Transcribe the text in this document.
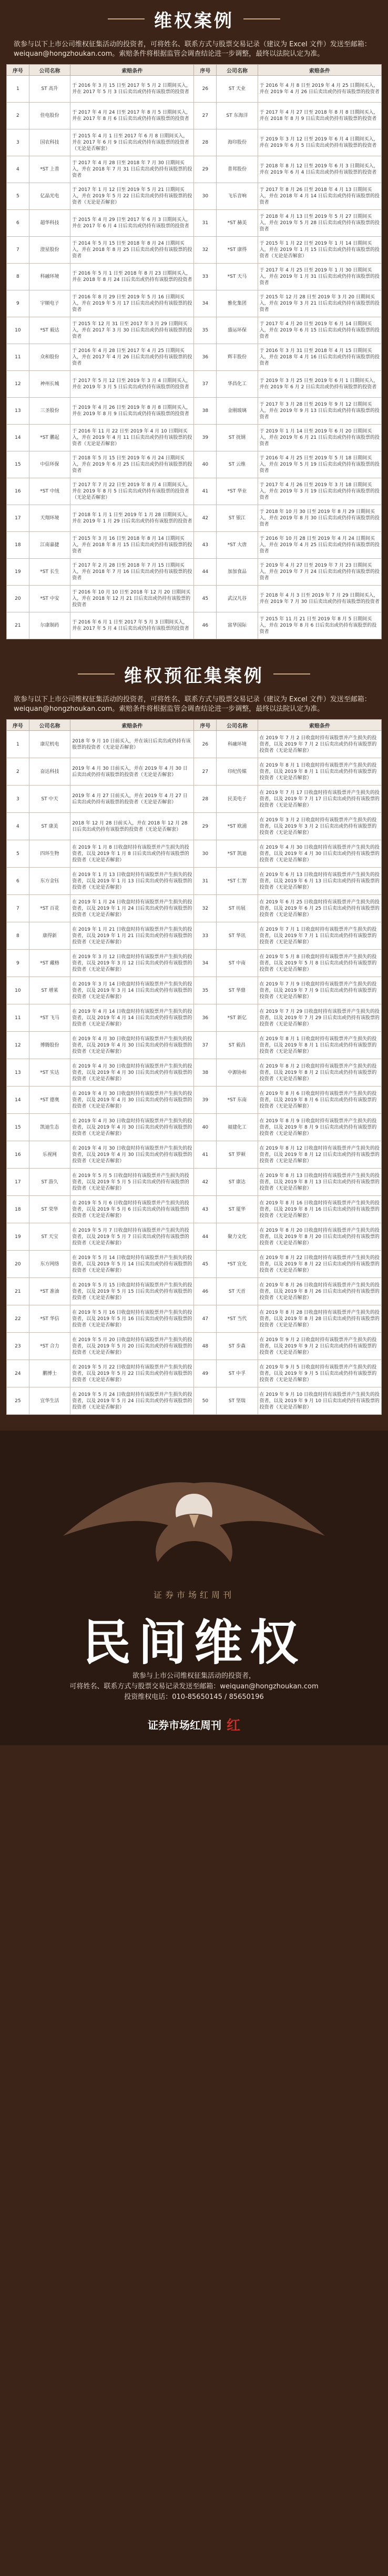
维权案例
欲参与以下上市公司维权征集活动的投资者，可将姓名、联系方式与股票交易记录（建议为 Excel 文件）发送至邮箱：weiquan@hongzhoukan.com。索赔条件将根据监管会调查结论进一步调整，最终以法院认定为准。
序号	公司名称	索赔条件	序号	公司名称	索赔条件
1	ST 高升	于 2016 年 3 月 15 日至 2017 年 5 月 2 日期间买入，并在 2017 年 5 月 3 日后卖出或仍持有该股票的投资者	26	ST 天业	于 2016 年 4 月 8 日至 2019 年 4 月 25 日期间买入，并在 2019 年 4 月 26 日后卖出或仍持有该股票的投资者
2	佳电股份	于 2017 年 4 月 24 日至 2017 年 8 月 5 日期间买入，并在 2017 年 8 月 6 日后卖出或仍持有该股票的投资者	27	ST 东海洋	于 2017 年 4 月 27 日至 2018 年 8 月 8 日期间买入，并在 2018 年 8 月 9 日后卖出或仍持有该股票的投资者
3	国农科技	于 2015 年 4 月 1 日至 2017 年 6 月 8 日期间买入，并在 2017 年 6 月 9 日后卖出或仍持有该股票的投资者（无论是否解套）	28	海印股份	于 2019 年 3 月 12 日至 2019 年 6 月 4 日期间买入，并在 2019 年 6 月 5 日后卖出或仍持有该股票的投资者
4	*ST 上普	于 2017 年 4 月 28 日至 2018 年 7 月 30 日期间买入，并在 2018 年 7 月 31 日后卖出或仍持有该股票的投资者	29	普邦股份	于 2018 年 8 月 12 日至 2019 年 6 月 3 日期间买入，并在 2019 年 6 月 4 日后卖出或仍持有该股票的投资者
5	亿晶光电	于 2017 年 1 月 12 日至 2019 年 5 月 21 日期间买入，并在 2019 年 5 月 22 日后卖出或仍持有该股票的投资者（无论是否解套）	30	飞乐音响	于 2017 年 8 月 26 日至 2018 年 4 月 13 日期间买入，并在 2018 年 4 月 14 日后卖出或仍持有该股票的投资者
6	超华科技	于 2015 年 4 月 29 日至 2017 年 6 月 3 日期间买入，并在 2017 年 6 月 4 日后卖出或仍持有该股票的投资者	31	*ST 赫美	于 2018 年 4 月 13 日至 2019 年 5 月 27 日期间买入，并在 2019 年 5 月 28 日后卖出或仍持有该股票的投资者
7	澄星股份	于 2014 年 5 月 15 日至 2018 年 8 月 24 日期间买入，并在 2018 年 8 月 25 日后卖出或仍持有该股票的投资者	32	*ST 康得	于 2015 年 1 月 22 日至 2019 年 1 月 14 日期间买入，并在 2019 年 1 月 15 日后卖出或仍持有该股票的投资者（无论是否解套）
8	科融环境	于 2016 年 5 月 1 日至 2018 年 8 月 23 日期间买入，并在 2018 年 8 月 24 日后卖出或仍持有该股票的投资者	33	*ST 天马	于 2017 年 4 月 25 日至 2019 年 1 月 30 日期间买入，并在 2019 年 1 月 31 日后卖出或仍持有该股票的投资者
9	宇顺电子	于 2016 年 8 月 29 日至 2019 年 5 月 16 日期间买入，并在 2019 年 5 月 17 日后卖出或仍持有该股票的投资者	34	雅化集团	于 2015 年 12 月 28 日至 2019 年 3 月 20 日期间买入，并在 2019 年 3 月 21 日后卖出或仍持有该股票的投资者
10	*ST 毅达	于 2015 年 12 月 31 日至 2017 年 3 月 29 日期间买入，并在 2017 年 3 月 30 日后卖出或仍持有该股票的投资者	35	盛运环保	于 2017 年 4 月 20 日至 2019 年 6 月 14 日期间买入，并在 2019 年 6 月 15 日后卖出或仍持有该股票的投资者
11	众和股份	于 2016 年 4 月 28 日至 2017 年 4 月 25 日期间买入，并在 2017 年 4 月 26 日后卖出或仍持有该股票的投资者	36	辉丰股份	于 2016 年 3 月 31 日至 2018 年 4 月 15 日期间买入，并在 2018 年 4 月 16 日后卖出或仍持有该股票的投资者
12	神州长城	于 2017 年 5 月 12 日至 2019 年 3 月 4 日期间买入，并在 2019 年 3 月 5 日后卖出或仍持有该股票的投资者	37	华昌化工	于 2019 年 3 月 25 日至 2019 年 6 月 1 日期间买入，并在 2019 年 6 月 2 日后卖出或仍持有该股票的投资者
13	三圣股份	于 2019 年 4 月 26 日至 2019 年 8 月 8 日期间买入，并在 2019 年 8 月 9 日后卖出或仍持有该股票的投资者	38	金刚玻璃	于 2017 年 3 月 28 日至 2019 年 9 月 12 日期间买入，并在 2019 年 9 月 13 日后卖出或仍持有该股票的投资者
14	*ST 鹏起	于 2016 年 11 月 22 日至 2019 年 4 月 10 日期间买入，并在 2019 年 4 月 11 日后卖出或仍持有该股票的投资者（无论是否解套）	39	ST 抚钢	于 2019 年 1 月 14 日至 2019 年 6 月 20 日期间买入，并在 2019 年 6 月 21 日后卖出或仍持有该股票的投资者
15	中信环保	于 2018 年 5 月 15 日至 2019 年 6 月 24 日期间买入，并在 2019 年 6 月 25 日后卖出或仍持有该股票的投资者	40	ST 云维	于 2016 年 4 月 25 日至 2019 年 5 月 18 日期间买入，并在 2019 年 5 月 19 日后卖出或仍持有该股票的投资者
16	*ST 中绒	于 2017 年 7 月 22 日至 2019 年 8 月 4 日期间买入，并在 2019 年 8 月 5 日后卖出或仍持有该股票的投资者（无论是否解套）	41	*ST 华业	于 2017 年 4 月 26 日至 2019 年 3 月 18 日期间买入，并在 2019 年 3 月 19 日后卖出或仍持有该股票的投资者
17	天翔环境	于 2018 年 1 月 1 日至 2019 年 1 月 28 日期间买入，并在 2019 年 1 月 29 日后卖出或仍持有该股票的投资者	42	ST 银江	于 2018 年 10 月 30 日至 2019 年 8 月 29 日期间买入，并在 2019 年 8 月 30 日后卖出或仍持有该股票的投资者
18	江南嘉捷	于 2015 年 3 月 16 日至 2018 年 8 月 14 日期间买入，并在 2018 年 8 月 15 日后卖出或仍持有该股票的投资者	43	*ST 大唐	于 2016 年 10 月 28 日至 2019 年 4 月 24 日期间买入，并在 2019 年 4 月 25 日后卖出或仍持有该股票的投资者
19	*ST 长生	于 2017 年 2 月 28 日至 2018 年 7 月 15 日期间买入，并在 2018 年 7 月 16 日后卖出或仍持有该股票的投资者	44	加加食品	于 2019 年 4 月 27 日至 2019 年 7 月 23 日期间买入，并在 2019 年 7 月 24 日后卖出或仍持有该股票的投资者
20	*ST 中安	于 2016 年 10 月 10 日至 2018 年 12 月 20 日期间买入，并在 2018 年 12 月 21 日后卖出或仍持有该股票的投资者	45	武汉凡谷	于 2018 年 4 月 3 日至 2019 年 7 月 29 日期间买入，并在 2019 年 7 月 30 日后卖出或仍持有该股票的投资者
21	尔康制药	于 2016 年 6 月 1 日至 2017 年 5 月 3 日期间买入，并在 2017 年 5 月 4 日后卖出或仍持有该股票的投资者	46	富华国际	于 2015 年 11 月 21 日至 2019 年 8 月 5 日期间买入，并在 2019 年 8 月 6 日后卖出或仍持有该股票的投资者
维权预征集案例
欲参与以下上市公司维权征集活动的投资者，可将姓名、联系方式与股票交易记录（建议为 Excel 文件）发送至邮箱：weiquan@hongzhoukan.com。索赔条件将根据监管会调查结论进一步调整，最终以法院认定为准。
序号	公司名称	索赔条件	序号	公司名称	索赔条件
1	康尼机电	2018 年 9 月 10 日前买入，并在该日后卖出或仍持有该股票的投资者（无论是否解套）	26	科融环境	在 2019 年 7 月 2 日收盘时持有该股票并产生损失的投资者，以及 2019 年 7 月 2 日后卖出或仍持有该股票的投资者（无论是否解套）
2	奋达科技	2019 年 4 月 30 日前买入，并在 2019 年 4 月 30 日后卖出或仍持有该股票的投资者（无论是否解套）	27	印纪传媒	在 2019 年 8 月 1 日收盘时持有该股票并产生损失的投资者，以及 2019 年 8 月 1 日后卖出或仍持有该股票的投资者（无论是否解套）
3	ST 中天	2019 年 4 月 27 日前买入，并在 2019 年 4 月 27 日后卖出或仍持有该股票的投资者（无论是否解套）	28	民美电子	在 2019 年 7 月 17 日收盘时持有该股票并产生损失的投资者，以及 2019 年 7 月 17 日后卖出或仍持有该股票的投资者（无论是否解套）
4	ST 康美	2018 年 12 月 28 日前买入，并在 2018 年 12 月 28 日后卖出或仍持有该股票的投资者（无论是否解套）	29	*ST 欧浦	在 2019 年 3 月 2 日收盘时持有该股票并产生损失的投资者，以及 2019 年 3 月 2 日后卖出或仍持有该股票的投资者（无论是否解套）
5	四环生物	在 2019 年 1 月 8 日收盘时持有该股票并产生损失的投资者，以及 2019 年 1 月 8 日后卖出或仍持有该股票的投资者（无论是否解套）	30	*ST 凯迪	在 2019 年 4 月 30 日收盘时持有该股票并产生损失的投资者，以及 2019 年 4 月 30 日后卖出或仍持有该股票的投资者（无论是否解套）
6	东方金钰	在 2019 年 1 月 13 日收盘时持有该股票并产生损失的投资者，以及 2019 年 1 月 13 日后卖出或仍持有该股票的投资者（无论是否解套）	31	*ST 仁智	在 2019 年 6 月 13 日收盘时持有该股票并产生损失的投资者，以及 2019 年 6 月 13 日后卖出或仍持有该股票的投资者（无论是否解套）
7	*ST 百花	在 2019 年 1 月 24 日收盘时持有该股票并产生损失的投资者，以及 2019 年 1 月 24 日后卖出或仍持有该股票的投资者（无论是否解套）	32	ST 坊展	在 2019 年 6 月 25 日收盘时持有该股票并产生损失的投资者，以及 2019 年 6 月 25 日后卖出或仍持有该股票的投资者（无论是否解套）
8	康得新	在 2019 年 1 月 21 日收盘时持有该股票并产生损失的投资者，以及 2019 年 1 月 21 日后卖出或仍持有该股票的投资者（无论是否解套）	33	ST 华讯	在 2019 年 7 月 1 日收盘时持有该股票并产生损失的投资者，以及 2019 年 7 月 1 日后卖出或仍持有该股票的投资者（无论是否解套）
9	*ST 藏格	在 2019 年 3 月 12 日收盘时持有该股票并产生损失的投资者，以及 2019 年 3 月 12 日后卖出或仍持有该股票的投资者（无论是否解套）	34	ST 中南	在 2019 年 5 月 8 日收盘时持有该股票并产生损失的投资者，以及 2019 年 5 月 8 日后卖出或仍持有该股票的投资者（无论是否解套）
10	ST 增莱	在 2019 年 3 月 14 日收盘时持有该股票并产生损失的投资者，以及 2019 年 3 月 14 日后卖出或仍持有该股票的投资者（无论是否解套）	35	ST 华鼎	在 2019 年 7 月 9 日收盘时持有该股票并产生损失的投资者，以及 2019 年 7 月 9 日后卖出或仍持有该股票的投资者（无论是否解套）
11	*ST 飞马	在 2019 年 4 月 14 日收盘时持有该股票并产生损失的投资者，以及 2019 年 4 月 14 日后卖出或仍持有该股票的投资者（无论是否解套）	36	*ST 新亿	在 2019 年 7 月 29 日收盘时持有该股票并产生损失的投资者，以及 2019 年 7 月 29 日后卖出或仍持有该股票的投资者（无论是否解套）
12	博腾股份	在 2019 年 4 月 30 日收盘时持有该股票并产生损失的投资者，以及 2019 年 4 月 30 日后卖出或仍持有该股票的投资者（无论是否解套）	37	ST 毅昌	在 2019 年 8 月 1 日收盘时持有该股票并产生损失的投资者，以及 2019 年 8 月 1 日后卖出或仍持有该股票的投资者（无论是否解套）
13	*ST 实达	在 2019 年 4 月 30 日收盘时持有该股票并产生损失的投资者，以及 2019 年 4 月 30 日后卖出或仍持有该股票的投资者（无论是否解套）	38	中源协和	在 2019 年 8 月 2 日收盘时持有该股票并产生损失的投资者，以及 2019 年 8 月 2 日后卖出或仍持有该股票的投资者（无论是否解套）
14	*ST 德奥	在 2019 年 4 月 30 日收盘时持有该股票并产生损失的投资者，以及 2019 年 4 月 30 日后卖出或仍持有该股票的投资者（无论是否解套）	39	*ST 东南	在 2019 年 8 月 6 日收盘时持有该股票并产生损失的投资者，以及 2019 年 8 月 6 日后卖出或仍持有该股票的投资者（无论是否解套）
15	凯迪生态	在 2019 年 4 月 30 日收盘时持有该股票并产生损失的投资者，以及 2019 年 4 月 30 日后卖出或仍持有该股票的投资者（无论是否解套）	40	福建化工	在 2019 年 8 月 9 日收盘时持有该股票并产生损失的投资者，以及 2019 年 8 月 9 日后卖出或仍持有该股票的投资者（无论是否解套）
16	乐视网	在 2019 年 4 月 30 日收盘时持有该股票并产生损失的投资者，以及 2019 年 4 月 30 日后卖出或仍持有该股票的投资者（无论是否解套）	41	ST 罗顿	在 2019 年 8 月 12 日收盘时持有该股票并产生损失的投资者，以及 2019 年 8 月 12 日后卖出或仍持有该股票的投资者（无论是否解套）
17	ST 游久	在 2019 年 5 月 5 日收盘时持有该股票并产生损失的投资者，以及 2019 年 5 月 5 日后卖出或仍持有该股票的投资者（无论是否解套）	42	ST 康达	在 2019 年 8 月 13 日收盘时持有该股票并产生损失的投资者，以及 2019 年 8 月 13 日后卖出或仍持有该股票的投资者（无论是否解套）
18	ST 荣华	在 2019 年 5 月 6 日收盘时持有该股票并产生损失的投资者，以及 2019 年 5 月 6 日后卖出或仍持有该股票的投资者（无论是否解套）	43	ST 厦华	在 2019 年 8 月 16 日收盘时持有该股票并产生损失的投资者，以及 2019 年 8 月 16 日后卖出或仍持有该股票的投资者（无论是否解套）
19	ST 天宝	在 2019 年 5 月 7 日收盘时持有该股票并产生损失的投资者，以及 2019 年 5 月 7 日后卖出或仍持有该股票的投资者（无论是否解套）	44	聚力文化	在 2019 年 8 月 20 日收盘时持有该股票并产生损失的投资者，以及 2019 年 8 月 20 日后卖出或仍持有该股票的投资者（无论是否解套）
20	东方网络	在 2019 年 5 月 14 日收盘时持有该股票并产生损失的投资者，以及 2019 年 5 月 14 日后卖出或仍持有该股票的投资者（无论是否解套）	45	*ST 宜化	在 2019 年 8 月 22 日收盘时持有该股票并产生损失的投资者，以及 2019 年 8 月 22 日后卖出或仍持有该股票的投资者（无论是否解套）
21	*ST 准油	在 2019 年 5 月 15 日收盘时持有该股票并产生损失的投资者，以及 2019 年 5 月 15 日后卖出或仍持有该股票的投资者（无论是否解套）	46	ST 天首	在 2019 年 8 月 26 日收盘时持有该股票并产生损失的投资者，以及 2019 年 8 月 26 日后卖出或仍持有该股票的投资者（无论是否解套）
22	*ST 华信	在 2019 年 5 月 16 日收盘时持有该股票并产生损失的投资者，以及 2019 年 5 月 16 日后卖出或仍持有该股票的投资者（无论是否解套）	47	*ST 当代	在 2019 年 8 月 28 日收盘时持有该股票并产生损失的投资者，以及 2019 年 8 月 28 日后卖出或仍持有该股票的投资者（无论是否解套）
23	*ST 合力	在 2019 年 5 月 20 日收盘时持有该股票并产生损失的投资者，以及 2019 年 5 月 20 日后卖出或仍持有该股票的投资者（无论是否解套）	48	ST 步森	在 2019 年 9 月 2 日收盘时持有该股票并产生损失的投资者，以及 2019 年 9 月 2 日后卖出或仍持有该股票的投资者（无论是否解套）
24	鹏博士	在 2019 年 5 月 22 日收盘时持有该股票并产生损失的投资者，以及 2019 年 5 月 22 日后卖出或仍持有该股票的投资者（无论是否解套）	49	ST 中孚	在 2019 年 9 月 5 日收盘时持有该股票并产生损失的投资者，以及 2019 年 9 月 5 日后卖出或仍持有该股票的投资者（无论是否解套）
25	宜华生活	在 2019 年 5 月 24 日收盘时持有该股票并产生损失的投资者，以及 2019 年 5 月 24 日后卖出或仍持有该股票的投资者（无论是否解套）	50	ST 坚瑞	在 2019 年 9 月 10 日收盘时持有该股票并产生损失的投资者，以及 2019 年 9 月 10 日后卖出或仍持有该股票的投资者（无论是否解套）
证券市场红周刊
民间维权
欲参与上市公司维权征集活动的投资者，
可将姓名、联系方式与股票交易记录发送至邮箱：weiquan@hongzhoukan.com
投资维权电话：010-85650145 / 85650196
证券市场红周刊 红
